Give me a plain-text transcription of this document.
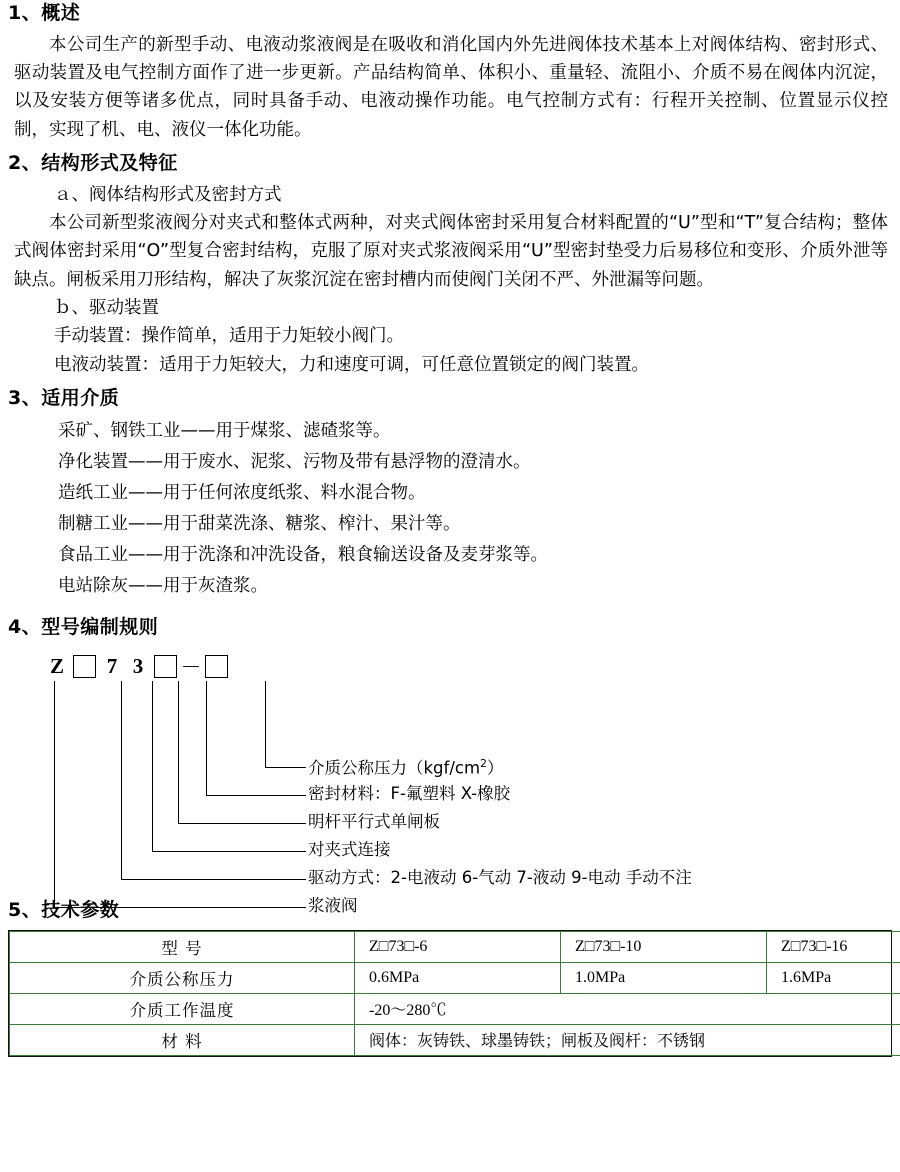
1、概述

本公司生产的新型手动、电液动浆液阀是在吸收和消化国内外先进阀体技术基本上对阀体结构、密封形式、驱动装置及电气控制方面作了进一步更新。产品结构简单、体积小、重量轻、流阻小、介质不易在阀体内沉淀，以及安装方便等诸多优点，同时具备手动、电液动操作功能。电气控制方式有：行程开关控制、位置显示仪控制，实现了机、电、液仪一体化功能。

2、结构形式及特征

ａ、阀体结构形式及密封方式

本公司新型浆液阀分对夹式和整体式两种，对夹式阀体密封采用复合材料配置的“U”型和“T”复合结构；整体式阀体密封采用“O”型复合密封结构，克服了原对夹式浆液阀采用“U”型密封垫受力后易移位和变形、介质外泄等缺点。闸板采用刀形结构，解决了灰浆沉淀在密封槽内而使阀门关闭不严、外泄漏等问题。

ｂ、驱动装置

手动装置：操作简单，适用于力矩较小阀门。

电液动装置：适用于力矩较大，力和速度可调，可任意位置锁定的阀门装置。

3、适用介质

采矿、钢铁工业——用于煤浆、滤碴浆等。

净化装置——用于废水、泥浆、污物及带有悬浮物的澄清水。

造纸工业——用于任何浓度纸浆、料水混合物。

制糖工业——用于甜菜洗涤、糖浆、榨汁、果汁等。

食品工业——用于洗涤和冲洗设备，粮食输送设备及麦芽浆等。

电站除灰——用于灰渣浆。

4、型号编制规则
Z	7 3	－
介质公称压力$(kgf/cm^2)$
密封材料：F-氟塑料 X-橡胶
明杆平行式单闸板
对夹式连接
驱动方式：2-电液动 6-气动 7-液动 9-电动 手动不注
浆液阀
5、技术参数
型 号	Z□73□-6	Z□73□-10	Z□73□-16
介质公称压力	0.6MPa	1.0MPa	1.6MPa
介质工作温度	-20～280℃		
材 料	阀体：灰铸铁、球墨铸铁；闸板及阀杆：不锈钢		
